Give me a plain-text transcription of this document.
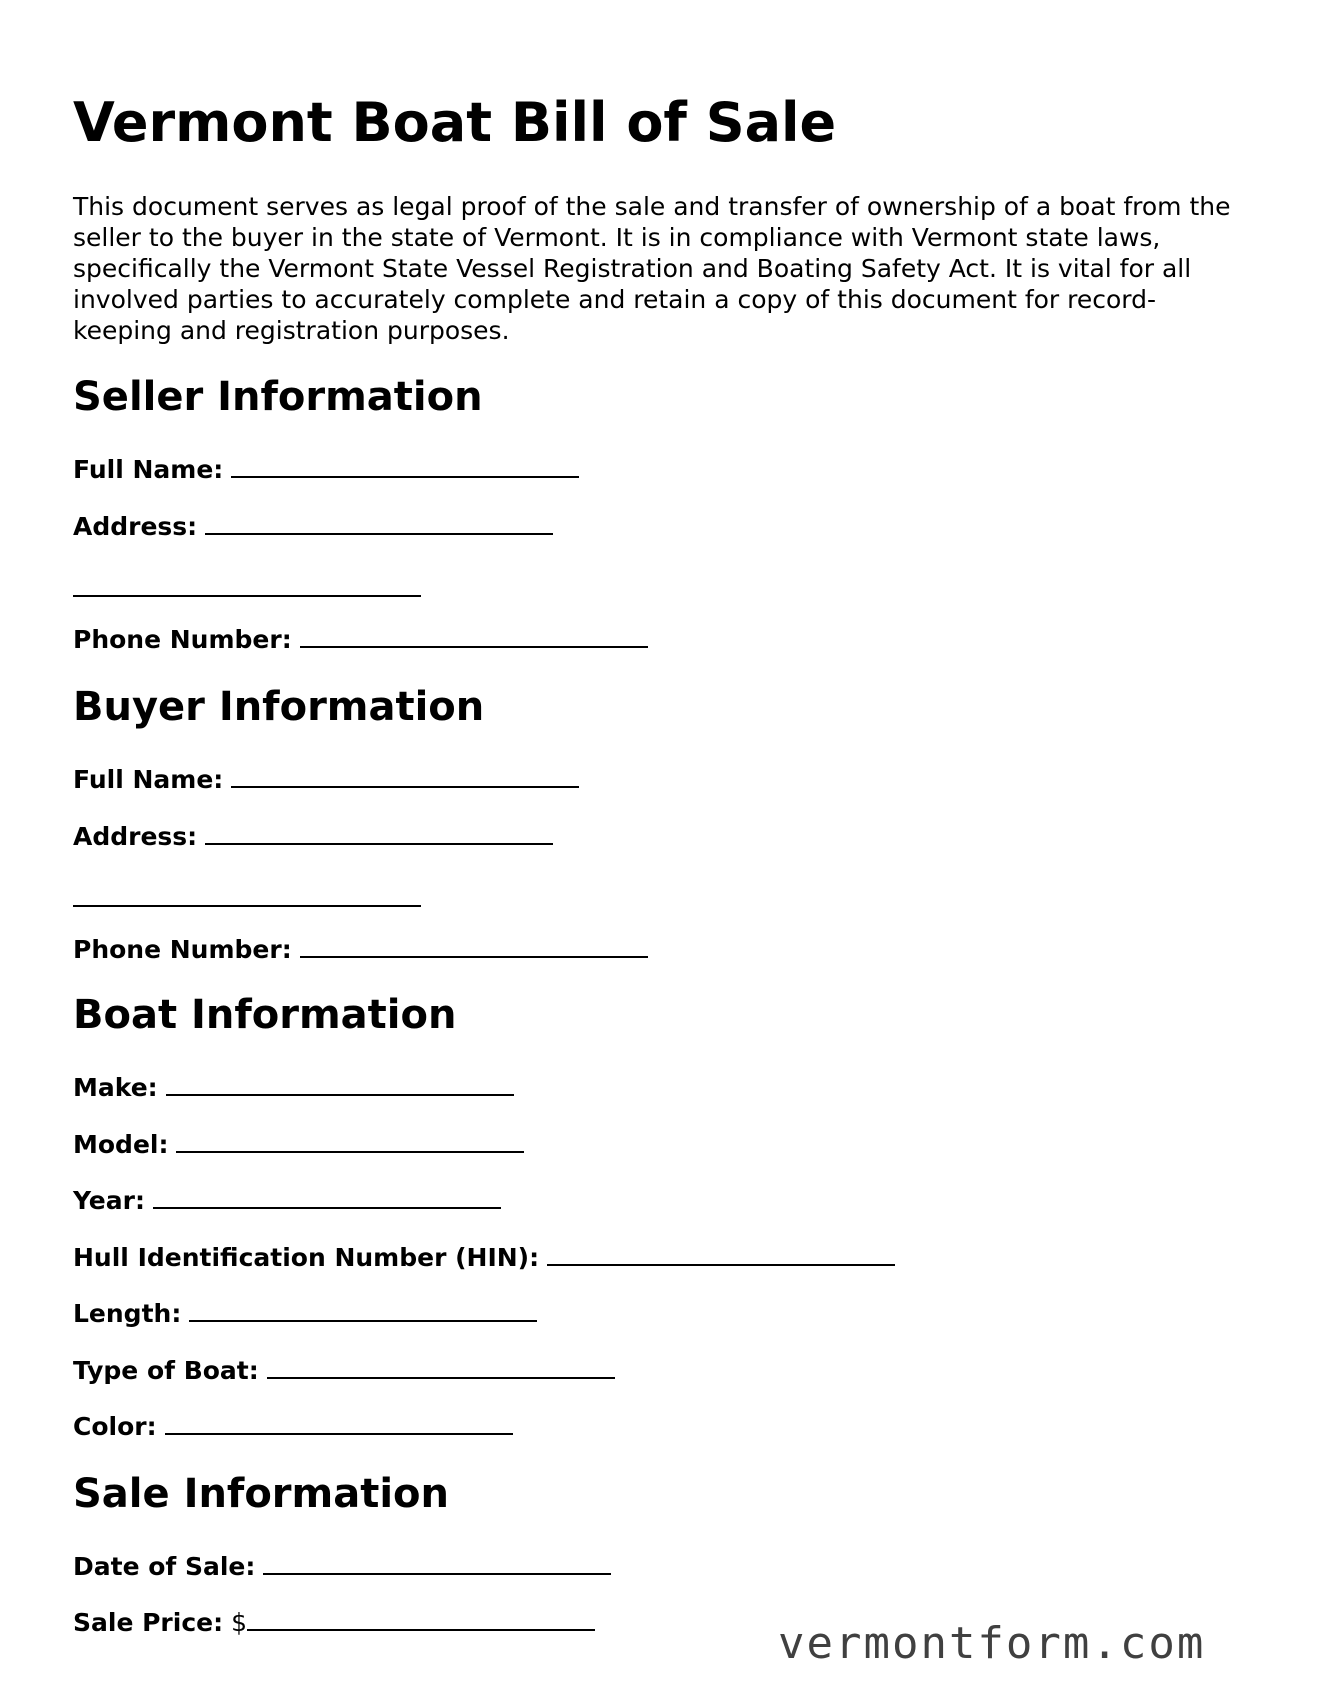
Vermont Boat Bill of Sale

This document serves as legal proof of the sale and transfer of ownership of a boat from the seller to the buyer in the state of Vermont. It is in compliance with Vermont state laws, specifically the Vermont State Vessel Registration and Boating Safety Act. It is vital for all involved parties to accurately complete and retain a copy of this document for record-keeping and registration purposes.

Seller Information
Full Name:
Address:
Phone Number:
Buyer Information
Full Name:
Address:
Phone Number:
Boat Information
Make:
Model:
Year:
Hull Identification Number (HIN):
Length:
Type of Boat:
Color:
Sale Information
Date of Sale:
Sale Price: $	vermontform.com
